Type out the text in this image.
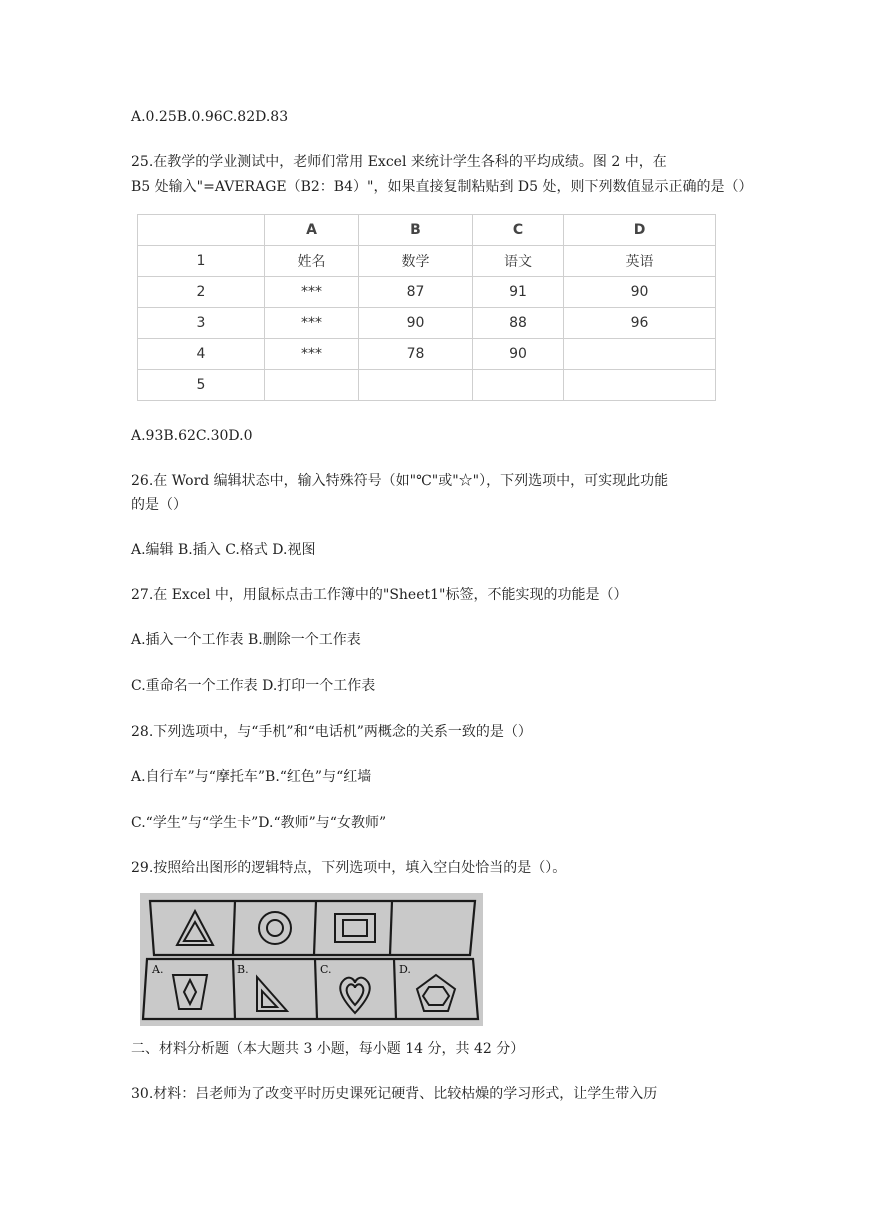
A.0.25B.0.96C.82D.83
25.在教学的学业测试中，老师们常用 Excel 来统计学生各科的平均成绩。图 2 中，在
B5 处输入"=AVERAGE（B2：B4）"，如果直接复制粘贴到 D5 处，则下列数值显示正确的是（）
	A	B	C	D
1	姓名	数学	语文	英语
2	***	87	91	90
3	***	90	88	96
4	***	78	90	
5				
A.93B.62C.30D.0
26.在 Word 编辑状态中，输入特殊符号（如"℃"或"☆"），下列选项中，可实现此功能
的是（）
A.编辑 B.插入 C.格式 D.视图
27.在 Excel 中，用鼠标点击工作簿中的"Sheet1"标签，不能实现的功能是（）
A.插入一个工作表 B.删除一个工作表
C.重命名一个工作表 D.打印一个工作表
28.下列选项中，与“手机”和“电话机”两概念的关系一致的是（）
A.自行车”与“摩托车”B.“红色”与“红墙
C.“学生”与“学生卡”D.“教师”与“女教师”
29.按照给出图形的逻辑特点，下列选项中，填入空白处恰当的是（）。
A.	B.	C.	D.
二、材料分析题（本大题共 3 小题，每小题 14 分，共 42 分）
30.材料：吕老师为了改变平时历史课死记硬背、比较枯燥的学习形式，让学生带入历
